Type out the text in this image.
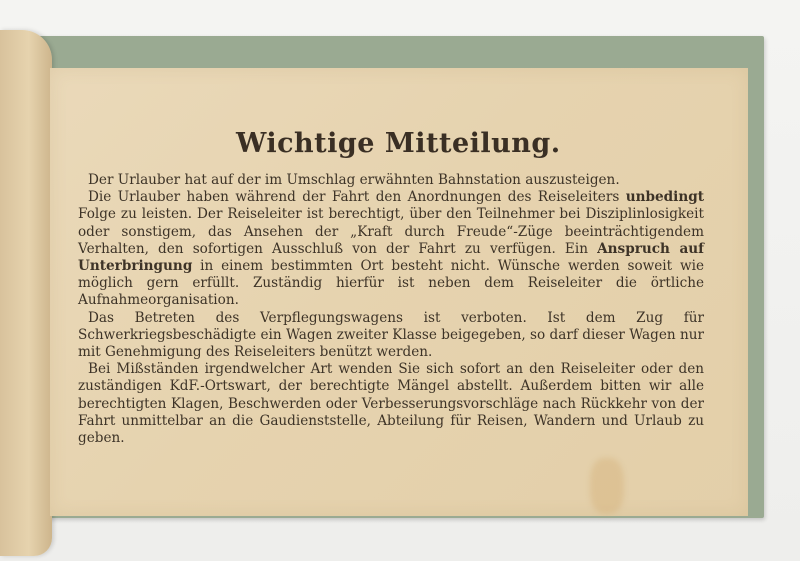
Wichtige Mitteilung.

Der Urlauber hat auf der im Umschlag erwähnten Bahnstation auszusteigen.

Die Urlauber haben während der Fahrt den Anordnungen des Reiseleiters unbedingt Folge zu leisten. Der Reiseleiter ist berechtigt, über den Teilnehmer bei Disziplinlosigkeit oder sonstigem, das Ansehen der „Kraft durch Freude“-Züge beeinträchtigendem Verhalten, den sofortigen Ausschluß von der Fahrt zu verfügen. Ein Anspruch auf Unterbringung in einem bestimmten Ort besteht nicht. Wünsche werden soweit wie möglich gern erfüllt. Zuständig hierfür ist neben dem Reiseleiter die örtliche Aufnahmeorganisation.

Das Betreten des Verpflegungswagens ist verboten. Ist dem Zug für Schwerkriegsbeschädigte ein Wagen zweiter Klasse beigegeben, so darf dieser Wagen nur mit Genehmigung des Reiseleiters benützt werden.

Bei Mißständen irgendwelcher Art wenden Sie sich sofort an den Reiseleiter oder den zuständigen KdF.-Ortswart, der berechtigte Mängel abstellt. Außerdem bitten wir alle berechtigten Klagen, Beschwerden oder Verbesserungsvorschläge nach Rückkehr von der Fahrt unmittelbar an die Gaudienststelle, Abteilung für Reisen, Wandern und Urlaub zu geben.
